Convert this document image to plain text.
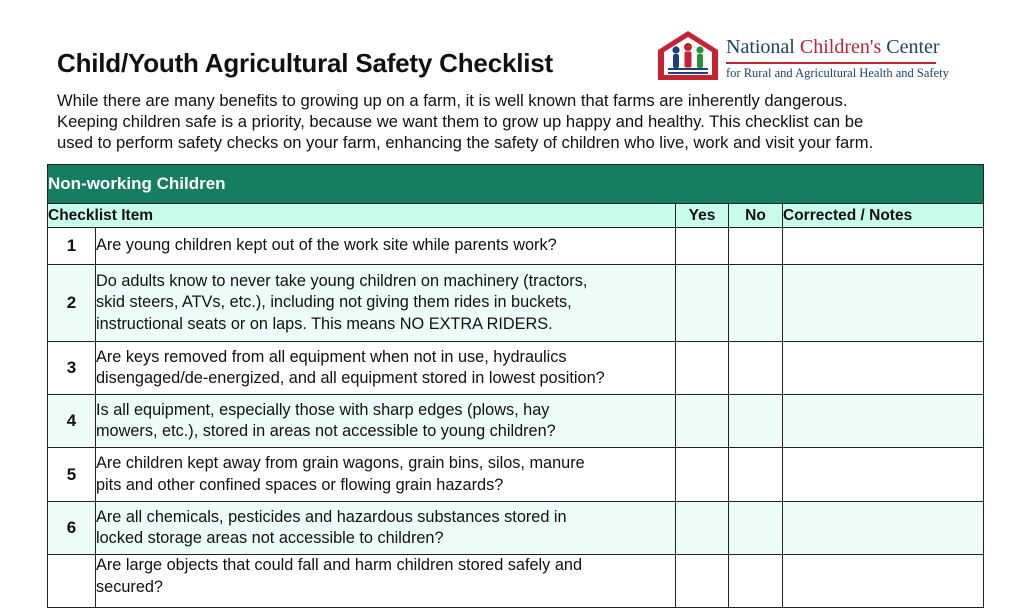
Child/Youth Agricultural Safety Checklist
National Children's Center
for Rural and Agricultural Health and Safety

While there are many benefits to growing up on a farm, it is well known that farms are inherently dangerous.

Keeping children safe is a priority, because we want them to grow up happy and healthy. This checklist can be

used to perform safety checks on your farm, enhancing the safety of children who live, work and visit your farm.

Non-working Children				
Checklist Item		Yes	No	Corrected / Notes
1	Are young children kept out of the work site while parents work?			

2	Do adults know to never take young children on machinery (tractors,
skid steers, ATVs, etc.), including not giving them rides in buckets,
instructional seats or on laps. This means NO EXTRA RIDERS.			

3	Are keys removed from all equipment when not in use, hydraulics
disengaged/de-energized, and all equipment stored in lowest position?			

4	Is all equipment, especially those with sharp edges (plows, hay
mowers, etc.), stored in areas not accessible to young children?			

5	Are children kept away from grain wagons, grain bins, silos, manure
pits and other confined spaces or flowing grain hazards?			

6	Are all chemicals, pesticides and hazardous substances stored in
locked storage areas not accessible to children?			

	Are large objects that could fall and harm children stored safely and
secured?			
